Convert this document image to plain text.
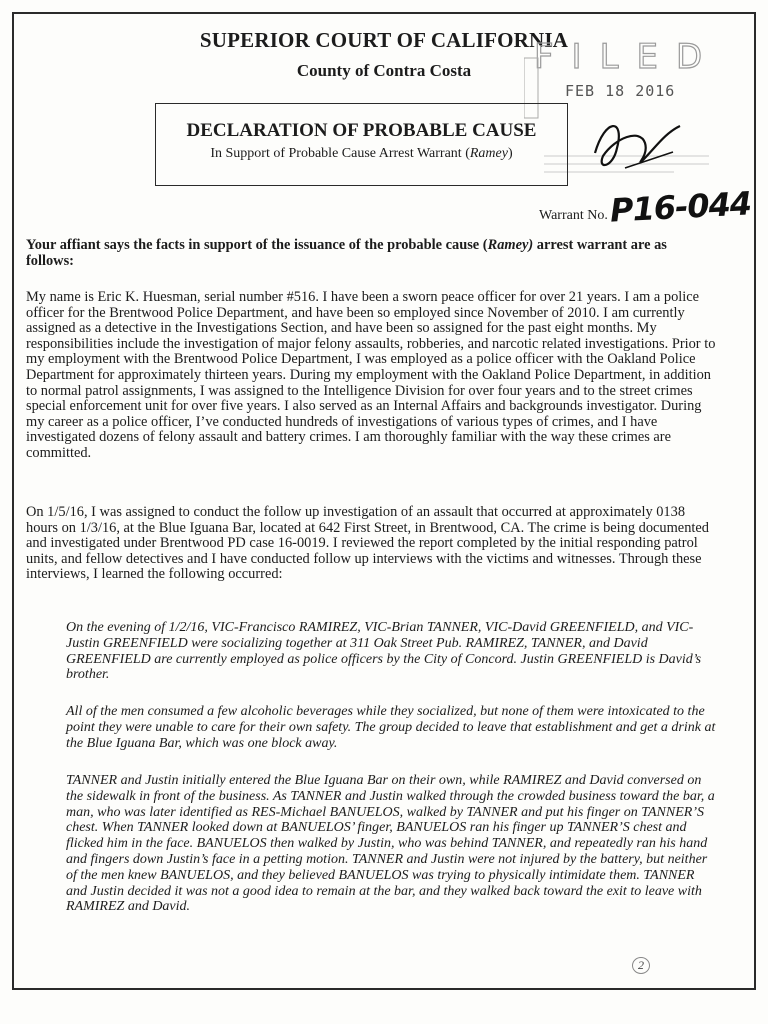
SUPERIOR COURT OF CALIFORNIA
County of Contra Costa	FILED
FEB 18 2016
DECLARATION OF PROBABLE CAUSE
In Support of Probable Cause Arrest Warrant (Ramey)
Warrant No. P16-044
Your affiant says the facts in support of the issuance of the probable cause (Ramey) arrest warrant are as follows:
My name is Eric K. Huesman, serial number #516. I have been a sworn peace officer for over 21 years. I am a police officer for the Brentwood Police Department, and have been so employed since November of 2010. I am currently assigned as a detective in the Investigations Section, and have been so assigned for the past eight months. My responsibilities include the investigation of major felony assaults, robberies, and narcotic related investigations. Prior to my employment with the Brentwood Police Department, I was employed as a police officer with the Oakland Police Department for approximately thirteen years. During my employment with the Oakland Police Department, in addition to normal patrol assignments, I was assigned to the Intelligence Division for over four years and to the street crimes special enforcement unit for over five years. I also served as an Internal Affairs and backgrounds investigator. During my career as a police officer, I’ve conducted hundreds of investigations of various types of crimes, and I have investigated dozens of felony assault and battery crimes. I am thoroughly familiar with the way these crimes are committed.
On 1/5/16, I was assigned to conduct the follow up investigation of an assault that occurred at approximately 0138 hours on 1/3/16, at the Blue Iguana Bar, located at 642 First Street, in Brentwood, CA. The crime is being documented and investigated under Brentwood PD case 16-0019. I reviewed the report completed by the initial responding patrol units, and fellow detectives and I have conducted follow up interviews with the victims and witnesses. Through these interviews, I learned the following occurred:
On the evening of 1/2/16, VIC-Francisco RAMIREZ, VIC-Brian TANNER, VIC-David GREENFIELD, and VIC-Justin GREENFIELD were socializing together at 311 Oak Street Pub. RAMIREZ, TANNER, and David GREENFIELD are currently employed as police officers by the City of Concord. Justin GREENFIELD is David’s brother.
All of the men consumed a few alcoholic beverages while they socialized, but none of them were intoxicated to the point they were unable to care for their own safety. The group decided to leave that establishment and get a drink at the Blue Iguana Bar, which was one block away.
TANNER and Justin initially entered the Blue Iguana Bar on their own, while RAMIREZ and David conversed on the sidewalk in front of the business. As TANNER and Justin walked through the crowded business toward the bar, a man, who was later identified as RES-Michael BANUELOS, walked by TANNER and put his finger on TANNER’S chest. When TANNER looked down at BANUELOS’ finger, BANUELOS ran his finger up TANNER’S chest and flicked him in the face. BANUELOS then walked by Justin, who was behind TANNER, and repeatedly ran his hand and fingers down Justin’s face in a petting motion. TANNER and Justin were not injured by the battery, but neither of the men knew BANUELOS, and they believed BANUELOS was trying to physically intimidate them. TANNER and Justin decided it was not a good idea to remain at the bar, and they walked back toward the exit to leave with RAMIREZ and David.
2
